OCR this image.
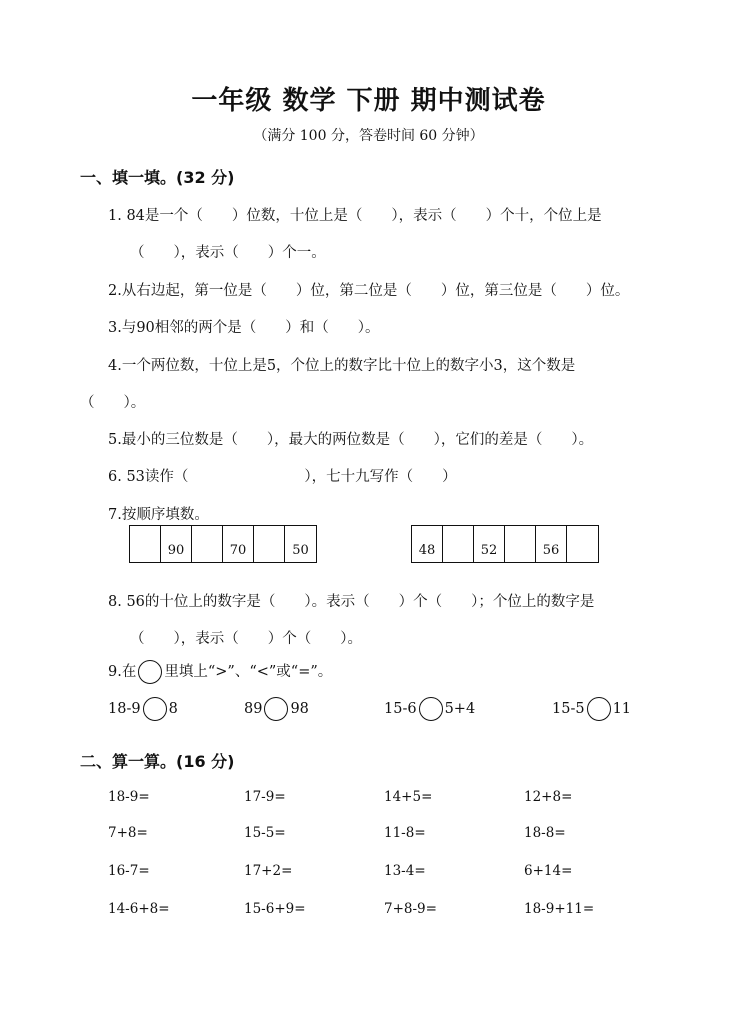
一年级 数学 下册 期中测试卷
（满分 100 分，答卷时间 60 分钟）
一、填一填。(32 分)
1. 84是一个（　　）位数，十位上是（　　），表示（　　）个十，个位上是
（　　），表示（　　）个一。
2.从右边起，第一位是（　　）位，第二位是（　　）位，第三位是（　　）位。
3.与90相邻的两个是（　　）和（　　）。
4.一个两位数，十位上是5，个位上的数字比十位上的数字小3，这个数是
（　　）。
5.最小的三位数是（　　），最大的两位数是（　　），它们的差是（　　）。
6. 53读作（　　　　　　　　），七十九写作（　　）
7.按顺序填数。
90	70	50	48	52	56
8. 56的十位上的数字是（　　）。表示（　　）个（　　）；个位上的数字是
（　　），表示（　　）个（　　）。
9.在 里填上“>”、“<”或“=”。
18-9 8	89 98	15-6 5+4	15-5 11
二、算一算。(16 分)
18-9=	17-9=	14+5=	12+8=
7+8=	15-5=	11-8=	18-8=
16-7=	17+2=	13-4=	6+14=
14-6+8=	15-6+9=	7+8-9=	18-9+11=
